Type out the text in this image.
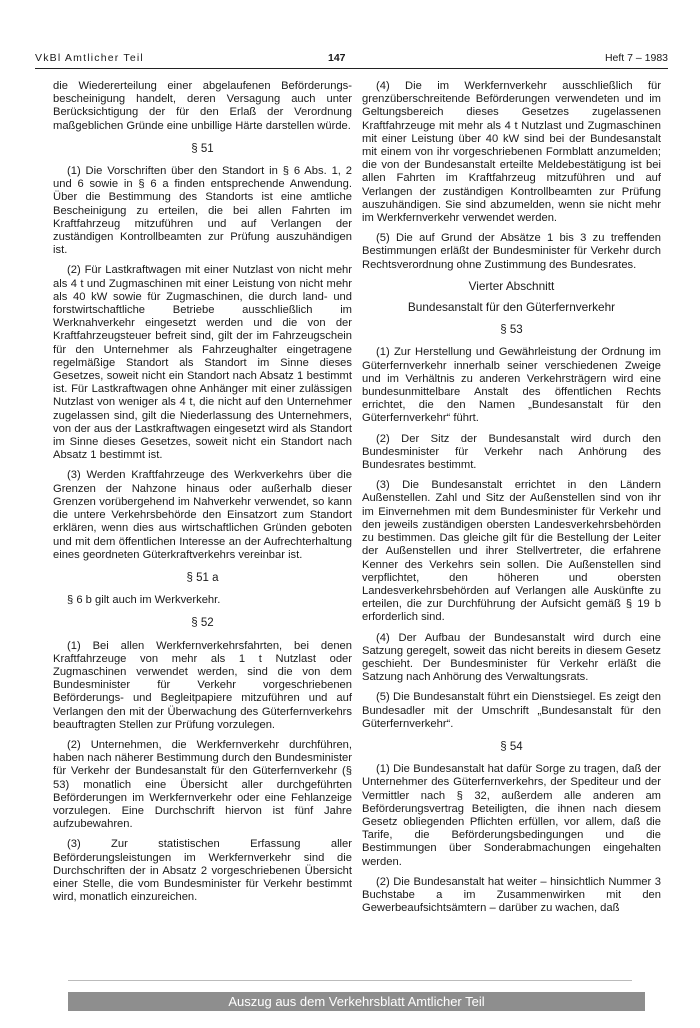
VkBl Amtlicher Teil	147	Heft 7 – 1983

die Wiedererteilung einer abgelaufenen Beförderungsbescheinigung handelt, deren Versagung auch unter Berücksichtigung der für den Erlaß der Verordnung maßgeblichen Gründe eine unbillige Härte darstellen würde.

§ 51

(1) Die Vorschriften über den Standort in § 6 Abs. 1, 2 und 6 sowie in § 6 a finden entsprechende Anwendung. Über die Bestimmung des Standorts ist eine amtliche Bescheinigung zu erteilen, die bei allen Fahrten im Kraftfahrzeug mitzuführen und auf Verlangen der zuständigen Kontrollbeamten zur Prüfung auszuhändigen ist.

(2) Für Lastkraftwagen mit einer Nutzlast von nicht mehr als 4 t und Zugmaschinen mit einer Leistung von nicht mehr als 40 kW sowie für Zugmaschinen, die durch land- und forstwirtschaftliche Betriebe ausschließlich im Werknahverkehr eingesetzt werden und die von der Kraftfahrzeugsteuer befreit sind, gilt der im Fahrzeugschein für den Unternehmer als Fahrzeughalter eingetragene regelmäßige Standort als Standort im Sinne dieses Gesetzes, soweit nicht ein Standort nach Absatz 1 bestimmt ist. Für Lastkraftwagen ohne Anhänger mit einer zulässigen Nutzlast von weniger als 4 t, die nicht auf den Unternehmer zugelassen sind, gilt die Niederlassung des Unternehmers, von der aus der Lastkraftwagen eingesetzt wird als Standort im Sinne dieses Gesetzes, soweit nicht ein Standort nach Absatz 1 bestimmt ist.

(3) Werden Kraftfahrzeuge des Werkverkehrs über die Grenzen der Nahzone hinaus oder außerhalb dieser Grenzen vorübergehend im Nahverkehr verwendet, so kann die untere Verkehrsbehörde den Einsatzort zum Standort erklären, wenn dies aus wirtschaftlichen Gründen geboten und mit dem öffentlichen Interesse an der Aufrechterhaltung eines geordneten Güterkraftverkehrs vereinbar ist.

§ 51 a

§ 6 b gilt auch im Werkverkehr.

§ 52

(1) Bei allen Werkfernverkehrsfahrten, bei denen Kraftfahrzeuge von mehr als 1 t Nutzlast oder Zugmaschinen verwendet werden, sind die von dem Bundesminister für Verkehr vorgeschriebenen Beförderungs- und Begleitpapiere mitzuführen und auf Verlangen den mit der Überwachung des Güterfernverkehrs beauftragten Stellen zur Prüfung vorzulegen.

(2) Unternehmen, die Werkfernverkehr durchführen, haben nach näherer Bestimmung durch den Bundesminister für Verkehr der Bundesanstalt für den Güterfernverkehr (§ 53) monatlich eine Übersicht aller durchgeführten Beförderungen im Werkfernverkehr oder eine Fehlanzeige vorzulegen. Eine Durchschrift hiervon ist fünf Jahre aufzubewahren.

(3) Zur statistischen Erfassung aller Beförderungsleistungen im Werkfernverkehr sind die Durchschriften der in Absatz 2 vorgeschriebenen Übersicht einer Stelle, die vom Bundesminister für Verkehr bestimmt wird, monatlich einzureichen.

(4) Die im Werkfernverkehr ausschließlich für grenzüberschreitende Beförderungen verwendeten und im Geltungsbereich dieses Gesetzes zugelassenen Kraftfahrzeuge mit mehr als 4 t Nutzlast und Zugmaschinen mit einer Leistung über 40 kW sind bei der Bundesanstalt mit einem von ihr vorgeschriebenen Formblatt anzumelden; die von der Bundesanstalt erteilte Meldebestätigung ist bei allen Fahrten im Kraftfahrzeug mitzuführen und auf Verlangen der zuständigen Kontrollbeamten zur Prüfung auszuhändigen. Sie sind abzumelden, wenn sie nicht mehr im Werkfernverkehr verwendet werden.

(5) Die auf Grund der Absätze 1 bis 3 zu treffenden Bestimmungen erläßt der Bundesminister für Verkehr durch Rechtsverordnung ohne Zustimmung des Bundesrates.

Vierter Abschnitt
Bundesanstalt für den Güterfernverkehr
§ 53

(1) Zur Herstellung und Gewährleistung der Ordnung im Güterfernverkehr innerhalb seiner verschiedenen Zweige und im Verhältnis zu anderen Verkehrsträgern wird eine bundesunmittelbare Anstalt des öffentlichen Rechts errichtet, die den Namen „Bundesanstalt für den Güterfernverkehr“ führt.

(2) Der Sitz der Bundesanstalt wird durch den Bundesminister für Verkehr nach Anhörung des Bundesrates bestimmt.

(3) Die Bundesanstalt errichtet in den Ländern Außenstellen. Zahl und Sitz der Außenstellen sind von ihr im Einvernehmen mit dem Bundesminister für Verkehr und den jeweils zuständigen obersten Landesverkehrsbehörden zu bestimmen. Das gleiche gilt für die Bestellung der Leiter der Außenstellen und ihrer Stellvertreter, die erfahrene Kenner des Verkehrs sein sollen. Die Außenstellen sind verpflichtet, den höheren und obersten Landesverkehrsbehörden auf Verlangen alle Auskünfte zu erteilen, die zur Durchführung der Aufsicht gemäß § 19 b erforderlich sind.

(4) Der Aufbau der Bundesanstalt wird durch eine Satzung geregelt, soweit das nicht bereits in diesem Gesetz geschieht. Der Bundesminister für Verkehr erläßt die Satzung nach Anhörung des Verwaltungsrats.

(5) Die Bundesanstalt führt ein Dienstsiegel. Es zeigt den Bundesadler mit der Umschrift „Bundesanstalt für den Güterfernverkehr“.

§ 54

(1) Die Bundesanstalt hat dafür Sorge zu tragen, daß der Unternehmer des Güterfernverkehrs, der Spediteur und der Vermittler nach § 32, außerdem alle anderen am Beförderungsvertrag Beteiligten, die ihnen nach diesem Gesetz obliegenden Pflichten erfüllen, vor allem, daß die Tarife, die Beförderungsbedingungen und die Bestimmungen über Sonderabmachungen eingehalten werden.

(2) Die Bundesanstalt hat weiter – hinsichtlich Nummer 3 Buchstabe a im Zusammenwirken mit den Gewerbeaufsichtsämtern – darüber zu wachen, daß

Auszug aus dem Verkehrsblatt Amtlicher Teil
